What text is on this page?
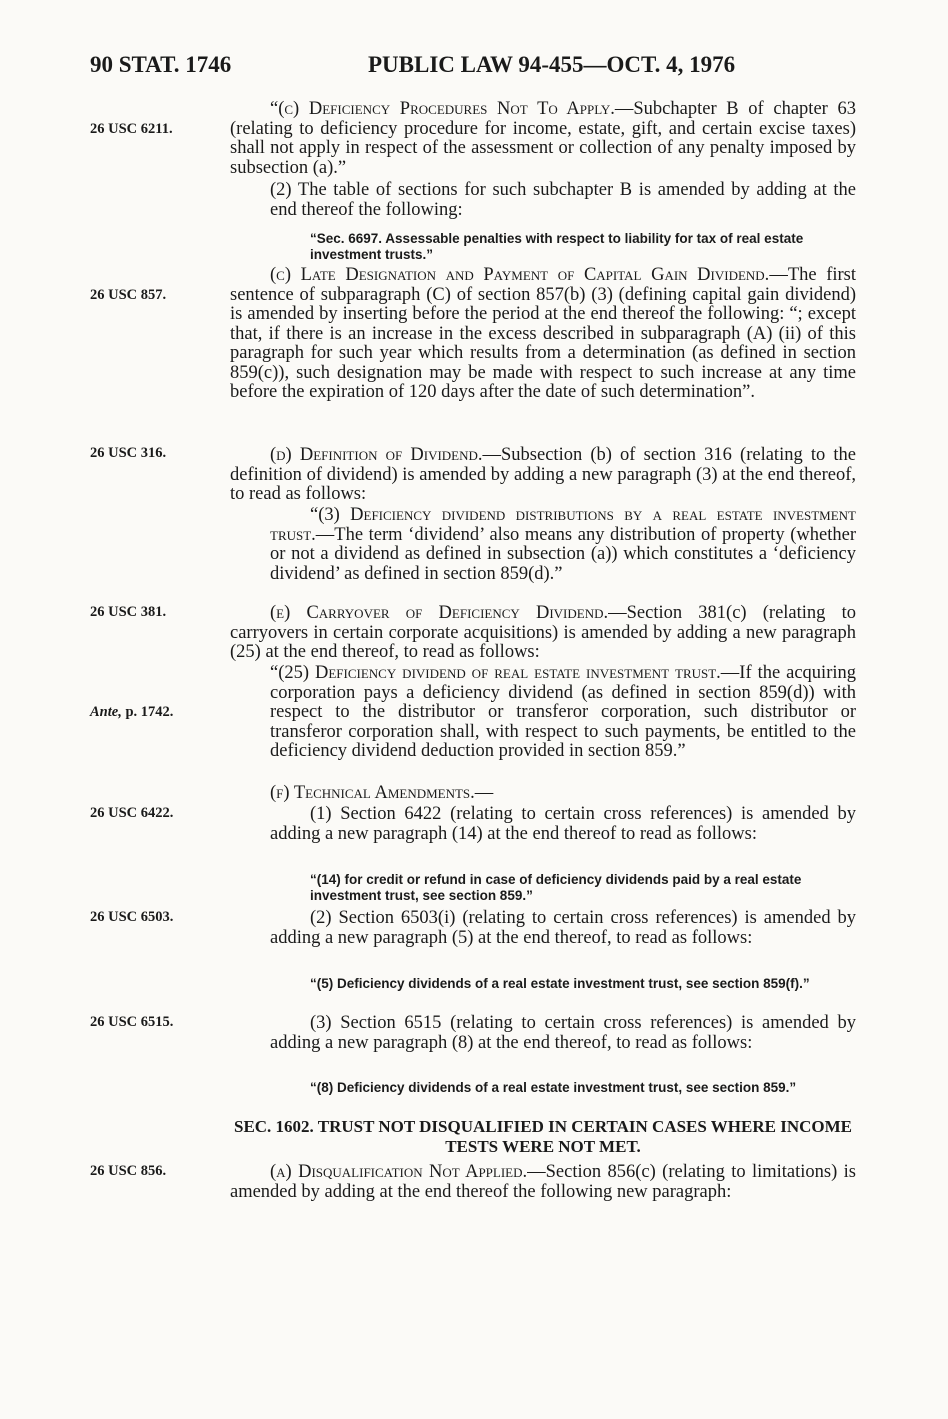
90 STAT. 1746	PUBLIC LAW 94-455—OCT. 4, 1976
26 USC 6211.
26 USC 857.
26 USC 316.
26 USC 381.
Ante, p. 1742.
26 USC 6422.
26 USC 6503.
26 USC 6515.
26 USC 856.
“(c) Deficiency Procedures Not To Apply.—Subchapter B of chapter 63 (relating to deficiency procedure for income, estate, gift, and certain excise taxes) shall not apply in respect of the assessment or collection of any penalty imposed by subsection (a).”
(2) The table of sections for such subchapter B is amended by adding at the end thereof the following:
“Sec. 6697. Assessable penalties with respect to liability for tax of real estate investment trusts.”
(c) Late Designation and Payment of Capital Gain Dividend.—The first sentence of subparagraph (C) of section 857(b) (3) (defining capital gain dividend) is amended by inserting before the period at the end thereof the following: “; except that, if there is an increase in the excess described in subparagraph (A) (ii) of this paragraph for such year which results from a determination (as defined in section 859(c)), such designation may be made with respect to such increase at any time before the expiration of 120 days after the date of such determination”.
(d) Definition of Dividend.—Subsection (b) of section 316 (relating to the definition of dividend) is amended by adding a new paragraph (3) at the end thereof, to read as follows:
“(3) Deficiency dividend distributions by a real estate investment trust.—The term ‘dividend’ also means any distribution of property (whether or not a dividend as defined in subsection (a)) which constitutes a ‘deficiency dividend’ as defined in section 859(d).”
(e) Carryover of Deficiency Dividend.—Section 381(c) (relating to carryovers in certain corporate acquisitions) is amended by adding a new paragraph (25) at the end thereof, to read as follows:
“(25) Deficiency dividend of real estate investment trust.—If the acquiring corporation pays a deficiency dividend (as defined in section 859(d)) with respect to the distributor or transferor corporation, such distributor or transferor corporation shall, with respect to such payments, be entitled to the deficiency dividend deduction provided in section 859.”
(f) Technical Amendments.—
(1) Section 6422 (relating to certain cross references) is amended by adding a new paragraph (14) at the end thereof to read as follows:
“(14) for credit or refund in case of deficiency dividends paid by a real estate investment trust, see section 859.”
(2) Section 6503(i) (relating to certain cross references) is amended by adding a new paragraph (5) at the end thereof, to read as follows:
“(5) Deficiency dividends of a real estate investment trust, see section 859(f).”
(3) Section 6515 (relating to certain cross references) is amended by adding a new paragraph (8) at the end thereof, to read as follows:
“(8) Deficiency dividends of a real estate investment trust, see section 859.”
SEC. 1602. TRUST NOT DISQUALIFIED IN CERTAIN CASES WHERE INCOME TESTS WERE NOT MET.
(a) Disqualification Not Applied.—Section 856(c) (relating to limitations) is amended by adding at the end thereof the following new paragraph:
